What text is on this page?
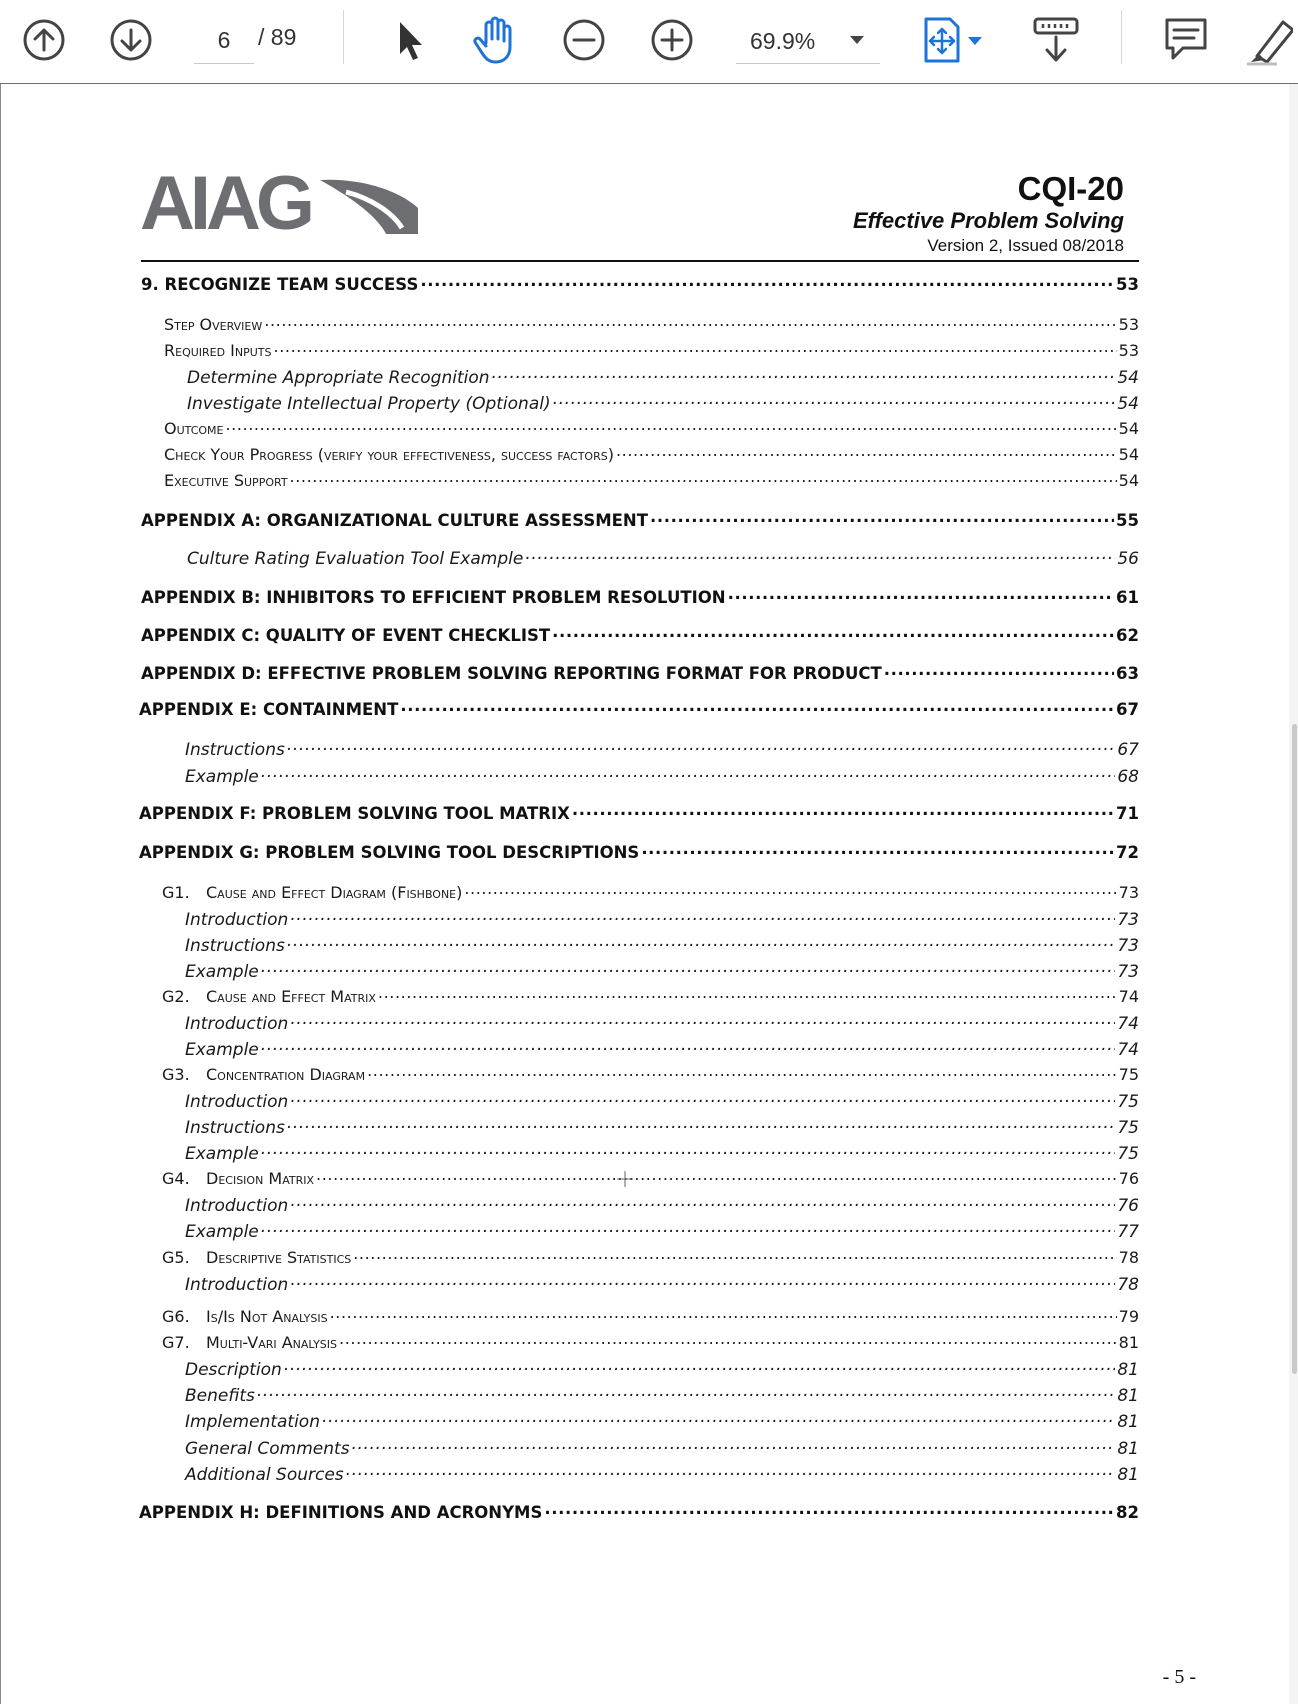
6	/ 89	69.9%
AIAG	CQI-20
Effective Problem Solving
Version 2, Issued 08/2018
9. RECOGNIZE TEAM SUCCESS .....	53
Step Overview .....	53
Required Inputs .....	53
Determine Appropriate Recognition .....	54
Investigate Intellectual Property (Optional) .....	54
Outcome .....	54
Check Your Progress (verify your effectiveness, success factors) .....	54
Executive Support .....	54
APPENDIX A: ORGANIZATIONAL CULTURE ASSESSMENT .....	55
Culture Rating Evaluation Tool Example .....	56
APPENDIX B: INHIBITORS TO EFFICIENT PROBLEM RESOLUTION .....	61
APPENDIX C: QUALITY OF EVENT CHECKLIST .....	62
APPENDIX D: EFFECTIVE PROBLEM SOLVING REPORTING FORMAT FOR PRODUCT .....	63
APPENDIX E: CONTAINMENT .....	67
Instructions .....	67
Example .....	68
APPENDIX F: PROBLEM SOLVING TOOL MATRIX .....	71
APPENDIX G: PROBLEM SOLVING TOOL DESCRIPTIONS .....	72
G1. Cause and Effect Diagram (Fishbone) .....	73
Introduction .....	73
Instructions .....	73
Example .....	73
G2. Cause and Effect Matrix .....	74
Introduction .....	74
Example .....	74
G3. Concentration Diagram .....	75
Introduction .....	75
Instructions .....	75
Example .....	75
G4. Decision Matrix .....	76
Introduction .....	76
Example .....	77
G5. Descriptive Statistics .....	78
Introduction .....	78
G6. Is/Is Not Analysis .....	79
G7. Multi-Vari Analysis .....	81
Description .....	81
Benefits .....	81
Implementation .....	81
General Comments .....	81
Additional Sources .....	81
APPENDIX H: DEFINITIONS AND ACRONYMS .....	82
- 5 -
